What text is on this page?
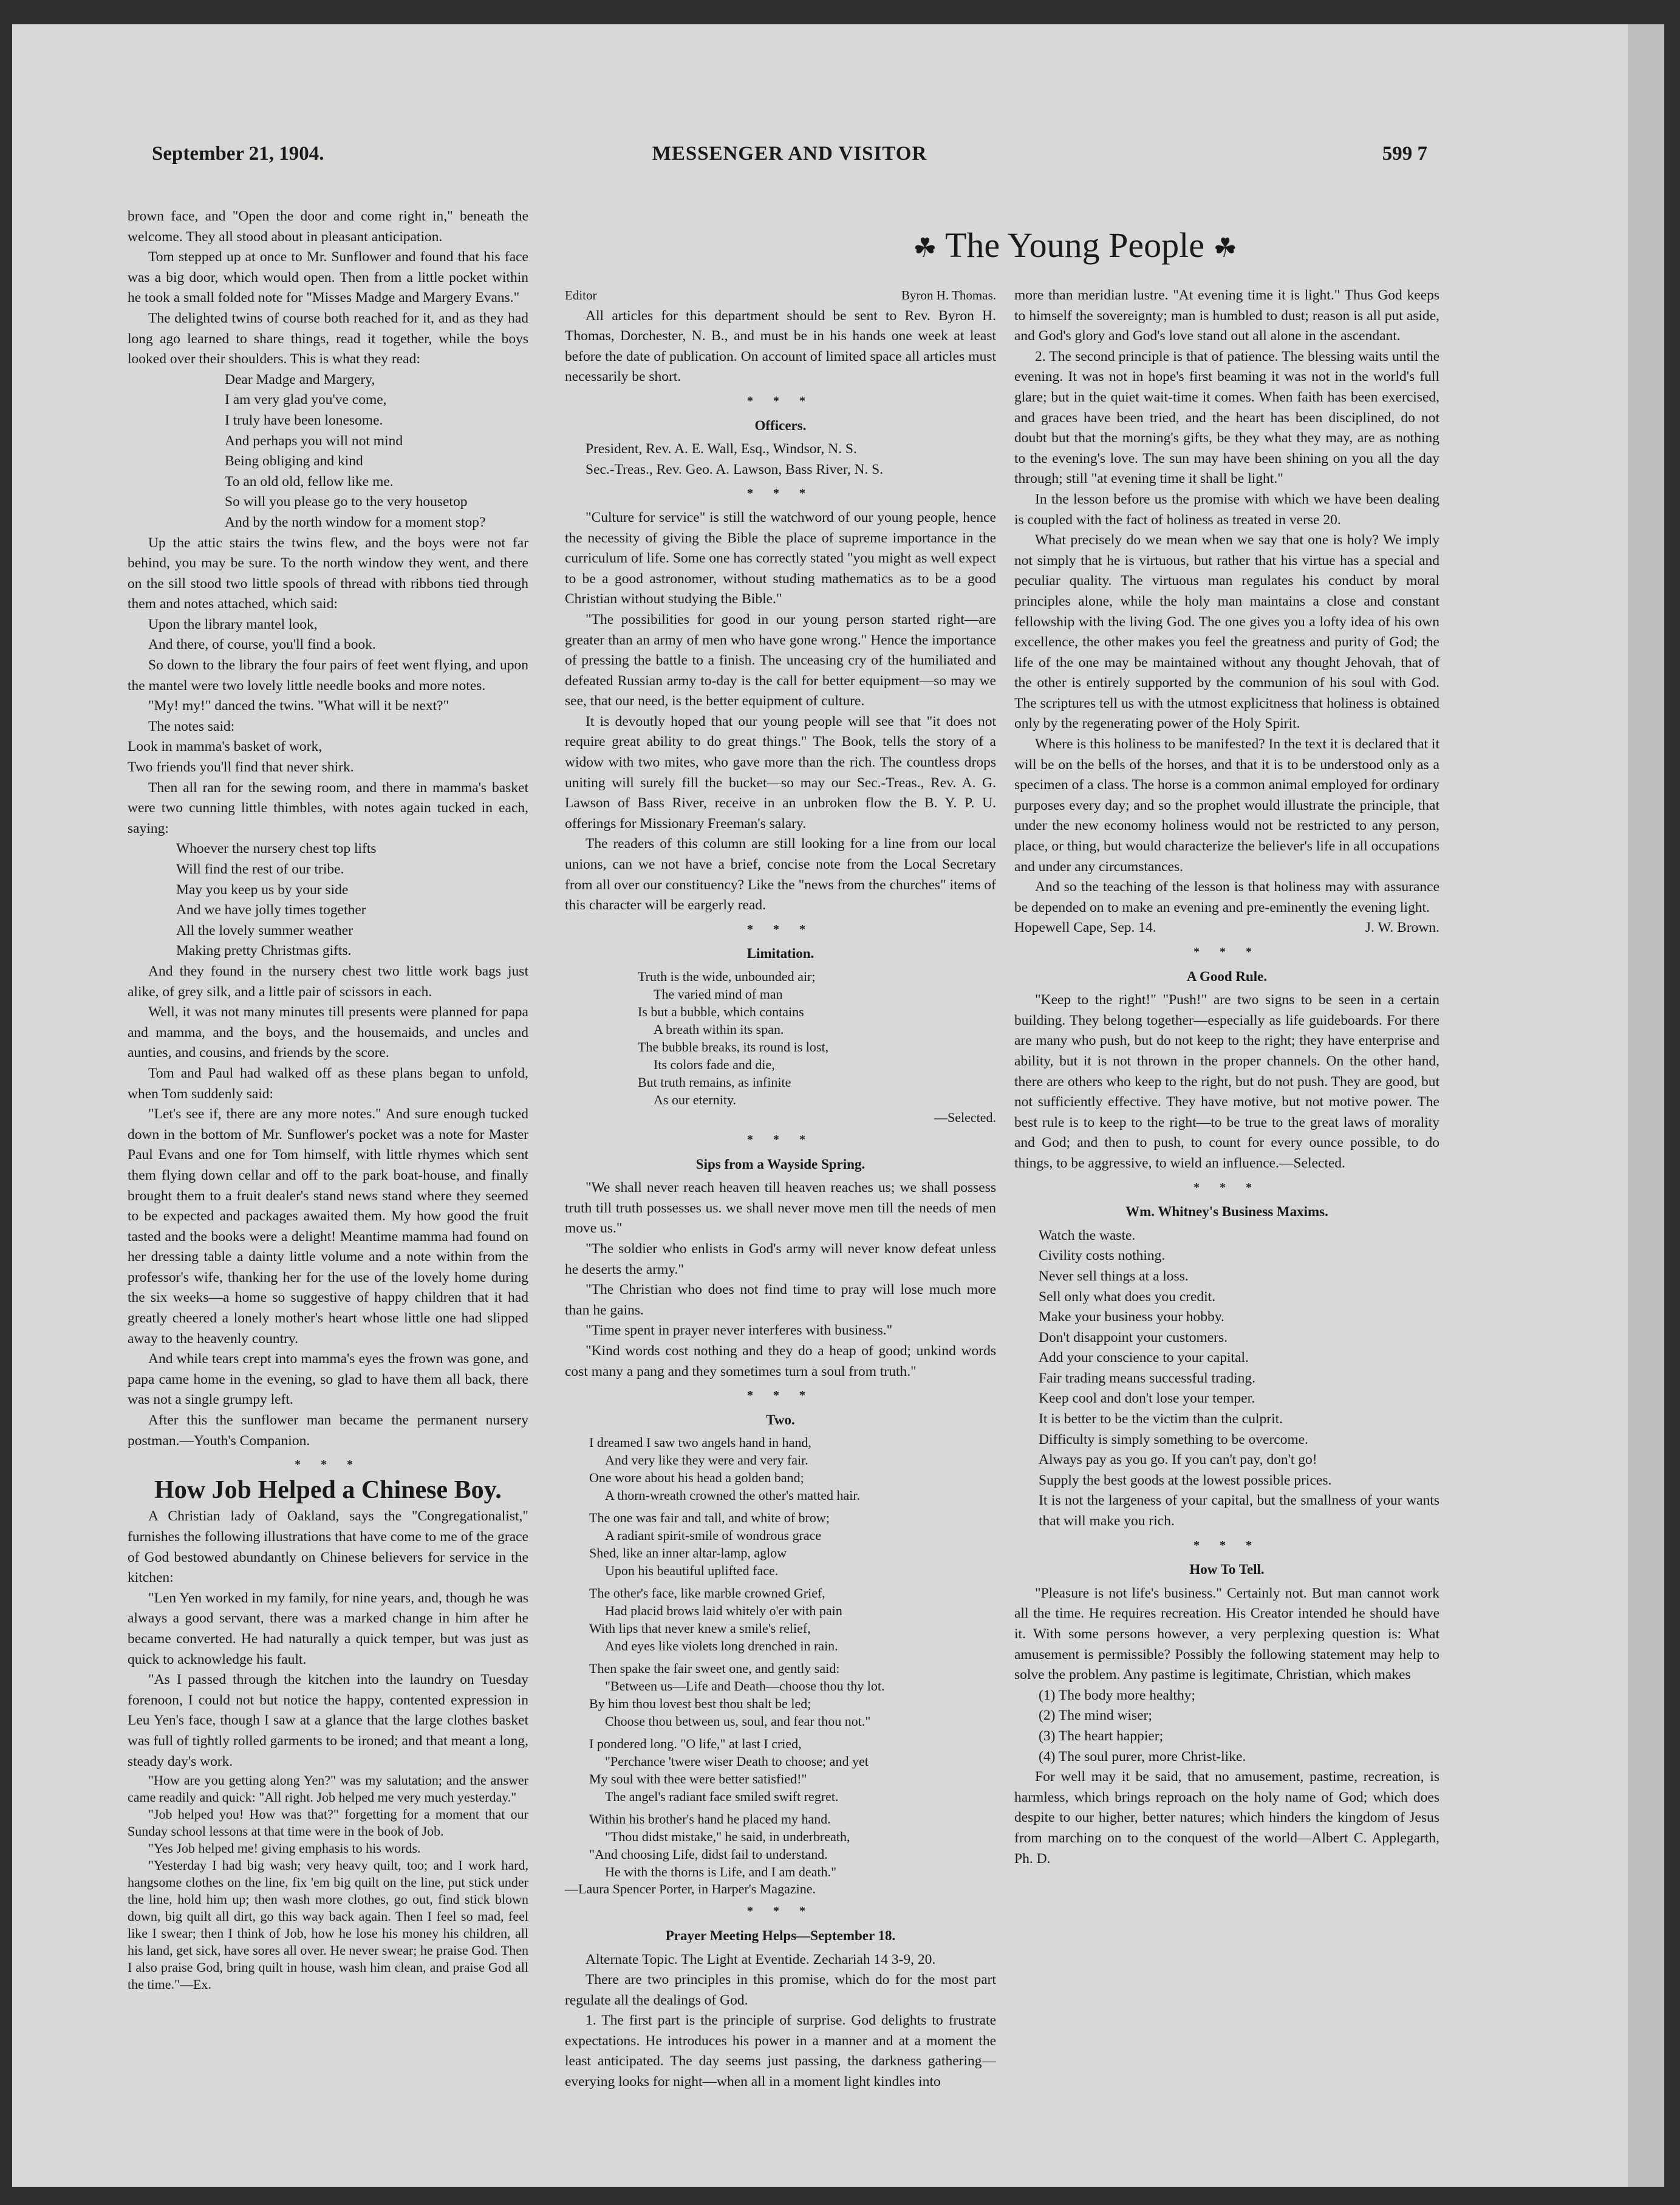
September 21, 1904.	MESSENGER AND VISITOR	599 7
☘ The Young People ☘

brown face, and "Open the door and come right in," beneath the welcome. They all stood about in pleasant anticipation.

Tom stepped up at once to Mr. Sunflower and found that his face was a big door, which would open. Then from a little pocket within he took a small folded note for "Misses Madge and Margery Evans."

The delighted twins of course both reached for it, and as they had long ago learned to share things, read it together, while the boys looked over their shoulders. This is what they read:

Dear Madge and Margery,
I am very glad you've come,
I truly have been lonesome.
And perhaps you will not mind
Being obliging and kind
To an old old, fellow like me.
So will you please go to the very housetop
And by the north window for a moment stop?

Up the attic stairs the twins flew, and the boys were not far behind, you may be sure. To the north window they went, and there on the sill stood two little spools of thread with ribbons tied through them and notes attached, which said:

Upon the library mantel look,

And there, of course, you'll find a book.

So down to the library the four pairs of feet went flying, and upon the mantel were two lovely little needle books and more notes.

"My! my!" danced the twins. "What will it be next?"

The notes said:

Look in mamma's basket of work,

Two friends you'll find that never shirk.

Then all ran for the sewing room, and there in mamma's basket were two cunning little thimbles, with notes again tucked in each, saying:

Whoever the nursery chest top lifts
Will find the rest of our tribe.
May you keep us by your side
And we have jolly times together
All the lovely summer weather
Making pretty Christmas gifts.

And they found in the nursery chest two little work bags just alike, of grey silk, and a little pair of scissors in each.

Well, it was not many minutes till presents were planned for papa and mamma, and the boys, and the housemaids, and uncles and aunties, and cousins, and friends by the score.

Tom and Paul had walked off as these plans began to unfold, when Tom suddenly said:

"Let's see if, there are any more notes." And sure enough tucked down in the bottom of Mr. Sunflower's pocket was a note for Master Paul Evans and one for Tom himself, with little rhymes which sent them flying down cellar and off to the park boat-house, and finally brought them to a fruit dealer's stand news stand where they seemed to be expected and packages awaited them. My how good the fruit tasted and the books were a delight! Meantime mamma had found on her dressing table a dainty little volume and a note within from the professor's wife, thanking her for the use of the lovely home during the six weeks—a home so suggestive of happy children that it had greatly cheered a lonely mother's heart whose little one had slipped away to the heavenly country.

And while tears crept into mamma's eyes the frown was gone, and papa came home in the evening, so glad to have them all back, there was not a single grumpy left.

After this the sunflower man became the permanent nursery postman.—Youth's Companion.

* * *
How Job Helped a Chinese Boy.

A Christian lady of Oakland, says the "Congregationalist," furnishes the following illustrations that have come to me of the grace of God bestowed abundantly on Chinese believers for service in the kitchen:

"Len Yen worked in my family, for nine years, and, though he was always a good servant, there was a marked change in him after he became converted. He had naturally a quick temper, but was just as quick to acknowledge his fault.

"As I passed through the kitchen into the laundry on Tuesday forenoon, I could not but notice the happy, contented expression in Leu Yen's face, though I saw at a glance that the large clothes basket was full of tightly rolled garments to be ironed; and that meant a long, steady day's work.

"How are you getting along Yen?" was my salutation; and the answer came readily and quick: "All right. Job helped me very much yesterday."

"Job helped you! How was that?" forgetting for a moment that our Sunday school lessons at that time were in the book of Job.

"Yes Job helped me! giving emphasis to his words.

"Yesterday I had big wash; very heavy quilt, too; and I work hard, hangsome clothes on the line, fix 'em big quilt on the line, put stick under the line, hold him up; then wash more clothes, go out, find stick blown down, big quilt all dirt, go this way back again. Then I feel so mad, feel like I swear; then I think of Job, how he lose his money his children, all his land, get sick, have sores all over. He never swear; he praise God. Then I also praise God, bring quilt in house, wash him clean, and praise God all the time."—Ex.

Editor	Byron H. Thomas.

All articles for this department should be sent to Rev. Byron H. Thomas, Dorchester, N. B., and must be in his hands one week at least before the date of publication. On account of limited space all articles must necessarily be short.

* * *
Officers.

President, Rev. A. E. Wall, Esq., Windsor, N. S.

Sec.-Treas., Rev. Geo. A. Lawson, Bass River, N. S.

* * *

"Culture for service" is still the watchword of our young people, hence the necessity of giving the Bible the place of supreme importance in the curriculum of life. Some one has correctly stated "you might as well expect to be a good astronomer, without studing mathematics as to be a good Christian without studying the Bible."

"The possibilities for good in our young person started right—are greater than an army of men who have gone wrong." Hence the importance of pressing the battle to a finish. The unceasing cry of the humiliated and defeated Russian army to-day is the call for better equipment—so may we see, that our need, is the better equipment of culture.

It is devoutly hoped that our young people will see that "it does not require great ability to do great things." The Book, tells the story of a widow with two mites, who gave more than the rich. The countless drops uniting will surely fill the bucket—so may our Sec.-Treas., Rev. A. G. Lawson of Bass River, receive in an unbroken flow the B. Y. P. U. offerings for Missionary Freeman's salary.

The readers of this column are still looking for a line from our local unions, can we not have a brief, concise note from the Local Secretary from all over our constituency? Like the "news from the churches" items of this character will be eargerly read.

* * *
Limitation.
Truth is the wide, unbounded air;
The varied mind of man
Is but a bubble, which contains
A breath within its span.
The bubble breaks, its round is lost,
Its colors fade and die,
But truth remains, as infinite
As our eternity.
—Selected.
* * *
Sips from a Wayside Spring.

"We shall never reach heaven till heaven reaches us; we shall possess truth till truth possesses us. we shall never move men till the needs of men move us."

"The soldier who enlists in God's army will never know defeat unless he deserts the army."

"The Christian who does not find time to pray will lose much more than he gains.

"Time spent in prayer never interferes with business."

"Kind words cost nothing and they do a heap of good; unkind words cost many a pang and they sometimes turn a soul from truth."

* * *
Two.
I dreamed I saw two angels hand in hand,
And very like they were and very fair.
One wore about his head a golden band;
A thorn-wreath crowned the other's matted hair.
The one was fair and tall, and white of brow;
A radiant spirit-smile of wondrous grace
Shed, like an inner altar-lamp, aglow
Upon his beautiful uplifted face.
The other's face, like marble crowned Grief,
Had placid brows laid whitely o'er with pain
With lips that never knew a smile's relief,
And eyes like violets long drenched in rain.
Then spake the fair sweet one, and gently said:
"Between us—Life and Death—choose thou thy lot.
By him thou lovest best thou shalt be led;
Choose thou between us, soul, and fear thou not."
I pondered long. "O life," at last I cried,
"Perchance 'twere wiser Death to choose; and yet
My soul with thee were better satisfied!"
The angel's radiant face smiled swift regret.
Within his brother's hand he placed my hand.
"Thou didst mistake," he said, in underbreath,
"And choosing Life, didst fail to understand.
He with the thorns is Life, and I am death."

—Laura Spencer Porter, in Harper's Magazine.

* * *
Prayer Meeting Helps—September 18.

Alternate Topic. The Light at Eventide. Zechariah 14 3-9, 20.

There are two principles in this promise, which do for the most part regulate all the dealings of God.

1. The first part is the principle of surprise. God delights to frustrate expectations. He introduces his power in a manner and at a moment the least anticipated. The day seems just passing, the darkness gathering—everying looks for night—when all in a moment light kindles into

more than meridian lustre. "At evening time it is light." Thus God keeps to himself the sovereignty; man is humbled to dust; reason is all put aside, and God's glory and God's love stand out all alone in the ascendant.

2. The second principle is that of patience. The blessing waits until the evening. It was not in hope's first beaming it was not in the world's full glare; but in the quiet wait-time it comes. When faith has been exercised, and graces have been tried, and the heart has been disciplined, do not doubt but that the morning's gifts, be they what they may, are as nothing to the evening's love. The sun may have been shining on you all the day through; still "at evening time it shall be light."

In the lesson before us the promise with which we have been dealing is coupled with the fact of holiness as treated in verse 20.

What precisely do we mean when we say that one is holy? We imply not simply that he is virtuous, but rather that his virtue has a special and peculiar quality. The virtuous man regulates his conduct by moral principles alone, while the holy man maintains a close and constant fellowship with the living God. The one gives you a lofty idea of his own excellence, the other makes you feel the greatness and purity of God; the life of the one may be maintained without any thought Jehovah, that of the other is entirely supported by the communion of his soul with God. The scriptures tell us with the utmost explicitness that holiness is obtained only by the regenerating power of the Holy Spirit.

Where is this holiness to be manifested? In the text it is declared that it will be on the bells of the horses, and that it is to be understood only as a specimen of a class. The horse is a common animal employed for ordinary purposes every day; and so the prophet would illustrate the principle, that under the new economy holiness would not be restricted to any person, place, or thing, but would characterize the believer's life in all occupations and under any circumstances.

And so the teaching of the lesson is that holiness may with assurance be depended on to make an evening and pre-eminently the evening light.

Hopewell Cape, Sep. 14.	J. W. Brown.
* * *
A Good Rule.

"Keep to the right!" "Push!" are two signs to be seen in a certain building. They belong together—especially as life guideboards. For there are many who push, but do not keep to the right; they have enterprise and ability, but it is not thrown in the proper channels. On the other hand, there are others who keep to the right, but do not push. They are good, but not sufficiently effective. They have motive, but not motive power. The best rule is to keep to the right—to be true to the great laws of morality and God; and then to push, to count for every ounce possible, to do things, to be aggressive, to wield an influence.—Selected.

* * *
Wm. Whitney's Business Maxims.
Watch the waste.
Civility costs nothing.
Never sell things at a loss.
Sell only what does you credit.
Make your business your hobby.
Don't disappoint your customers.
Add your conscience to your capital.
Fair trading means successful trading.
Keep cool and don't lose your temper.
It is better to be the victim than the culprit.
Difficulty is simply something to be overcome.
Always pay as you go. If you can't pay, don't go!
Supply the best goods at the lowest possible prices.
It is not the largeness of your capital, but the smallness of your wants that will make you rich.
* * *
How To Tell.

"Pleasure is not life's business." Certainly not. But man cannot work all the time. He requires recreation. His Creator intended he should have it. With some persons however, a very perplexing question is: What amusement is permissible? Possibly the following statement may help to solve the problem. Any pastime is legitimate, Christian, which makes

(1) The body more healthy;
(2) The mind wiser;
(3) The heart happier;
(4) The soul purer, more Christ-like.

For well may it be said, that no amusement, pastime, recreation, is harmless, which brings reproach on the holy name of God; which does despite to our higher, better natures; which hinders the kingdom of Jesus from marching on to the conquest of the world—Albert C. Applegarth, Ph. D.
